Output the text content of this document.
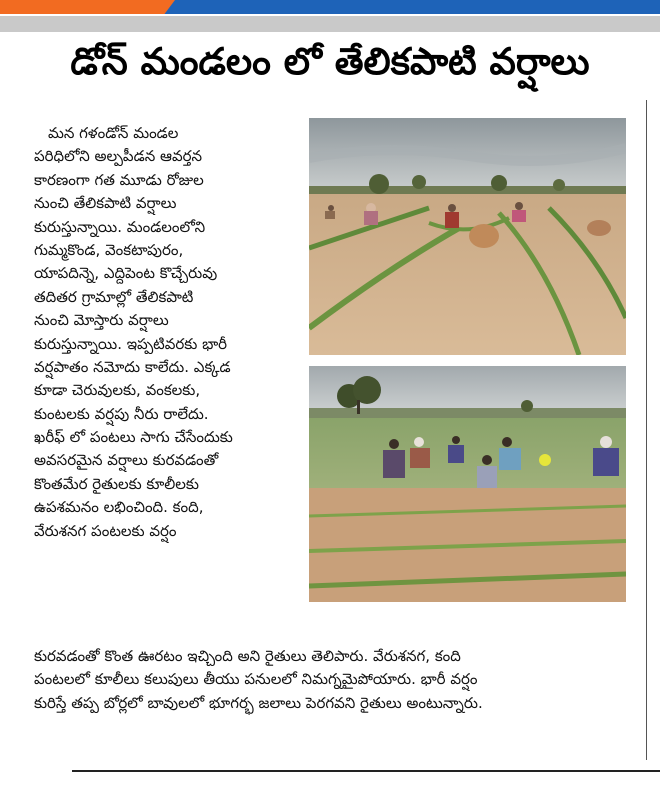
డోన్ మండలం లో తేలికపాటి వర్షాలు
మన గళండోన్ మండల
పరిధిలోని అల్పపీడన ఆవర్తన
కారణంగా గత మూడు రోజుల
నుంచి తేలికపాటి వర్షాలు
కురుస్తున్నాయి. మండలంలోని
గుమ్మకొండ, వెంకటాపురం,
యాపదిన్నె, ఎద్దిపెంట కొచ్చేరువు
తదితర గ్రామాల్లో తేలికపాటి
నుంచి మోస్తారు వర్షాలు
కురుస్తున్నాయి. ఇప్పటివరకు భారీ
వర్షపాతం నమోదు కాలేదు. ఎక్కడ
కూడా చెరువులకు, వంకలకు,
కుంటలకు వర్షపు నీరు రాలేదు.
ఖరీఫ్ లో పంటలు సాగు చేసేందుకు
అవసరమైన వర్షాలు కురవడంతో
కొంతమేర రైతులకు కూలీలకు
ఉపశమనం లభించింది. కంది,
వేరుశనగ పంటలకు వర్షం
కురవడంతో కొంత ఊరటం ఇచ్చింది అని రైతులు తెలిపారు. వేరుశనగ, కంది
పంటలలో కూలీలు కలుపులు తీయు పనులలో నిమగ్నమైపోయారు. భారీ వర్షం
కురిస్తే తప్ప బోర్లలో బావులలో భూగర్భ జలాలు పెరగవని రైతులు అంటున్నారు.
